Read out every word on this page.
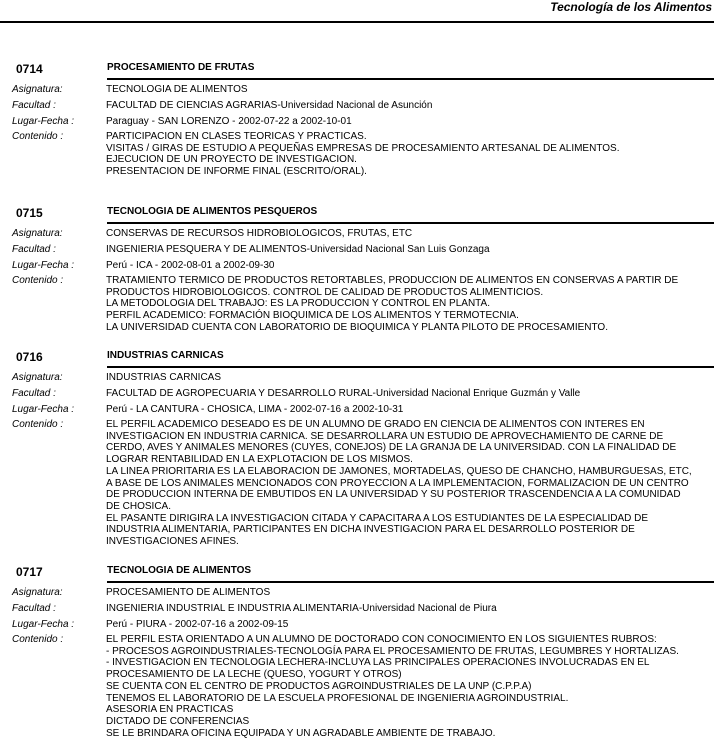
Tecnología de los Alimentos
0714	PROCESAMIENTO DE FRUTAS
Asignatura:	TECNOLOGIA DE ALIMENTOS
Facultad :	FACULTAD DE CIENCIAS AGRARIAS-Universidad Nacional de Asunción
Lugar-Fecha :	Paraguay - SAN LORENZO - 2002-07-22 a 2002-10-01
Contenido :	PARTICIPACION EN CLASES TEORICAS Y PRACTICAS.
VISITAS / GIRAS DE ESTUDIO A PEQUEÑAS EMPRESAS DE PROCESAMIENTO ARTESANAL DE ALIMENTOS.
EJECUCION DE UN PROYECTO DE INVESTIGACION.
PRESENTACION DE INFORME FINAL (ESCRITO/ORAL).
0715	TECNOLOGIA DE ALIMENTOS PESQUEROS
Asignatura:	CONSERVAS DE RECURSOS HIDROBIOLOGICOS, FRUTAS, ETC
Facultad :	INGENIERIA PESQUERA Y DE ALIMENTOS-Universidad Nacional San Luis Gonzaga
Lugar-Fecha :	Perú - ICA - 2002-08-01 a 2002-09-30
Contenido :	TRATAMIENTO TERMICO DE PRODUCTOS RETORTABLES, PRODUCCION DE ALIMENTOS EN CONSERVAS A PARTIR DE
PRODUCTOS HIDROBIOLOGICOS. CONTROL DE CALIDAD DE PRODUCTOS ALIMENTICIOS.
LA METODOLOGIA DEL TRABAJO: ES LA PRODUCCION Y CONTROL EN PLANTA.
PERFIL ACADEMICO: FORMACIÓN BIOQUIMICA DE LOS ALIMENTOS Y TERMOTECNIA.
LA UNIVERSIDAD CUENTA CON LABORATORIO DE BIOQUIMICA Y PLANTA PILOTO DE PROCESAMIENTO.
0716	INDUSTRIAS CARNICAS
Asignatura:	INDUSTRIAS CARNICAS
Facultad :	FACULTAD DE AGROPECUARIA Y DESARROLLO RURAL-Universidad Nacional Enrique Guzmán y Valle
Lugar-Fecha :	Perú - LA CANTURA - CHOSICA, LIMA - 2002-07-16 a 2002-10-31
Contenido :	EL PERFIL ACADEMICO DESEADO ES DE UN ALUMNO DE GRADO EN CIENCIA DE ALIMENTOS CON INTERES EN
INVESTIGACION EN INDUSTRIA CARNICA. SE DESARROLLARA UN ESTUDIO DE APROVECHAMIENTO DE CARNE DE
CERDO, AVES Y ANIMALES MENORES (CUYES, CONEJOS) DE LA GRANJA DE LA UNIVERSIDAD. CON LA FINALIDAD DE
LOGRAR RENTABILIDAD EN LA EXPLOTACION DE LOS MISMOS.
LA LINEA PRIORITARIA ES LA ELABORACION DE JAMONES, MORTADELAS, QUESO DE CHANCHO, HAMBURGUESAS, ETC,
A BASE DE LOS ANIMALES MENCIONADOS CON PROYECCION A LA IMPLEMENTACION, FORMALIZACION DE UN CENTRO
DE PRODUCCION INTERNA DE EMBUTIDOS EN LA UNIVERSIDAD Y SU POSTERIOR TRASCENDENCIA A LA COMUNIDAD
DE CHOSICA.
EL PASANTE DIRIGIRA LA INVESTIGACION CITADA Y CAPACITARA A LOS ESTUDIANTES DE LA ESPECIALIDAD DE
INDUSTRIA ALIMENTARIA, PARTICIPANTES EN DICHA INVESTIGACION PARA EL DESARROLLO POSTERIOR DE
INVESTIGACIONES AFINES.
0717	TECNOLOGIA DE ALIMENTOS
Asignatura:	PROCESAMIENTO DE ALIMENTOS
Facultad :	INGENIERIA INDUSTRIAL E INDUSTRIA ALIMENTARIA-Universidad Nacional de Piura
Lugar-Fecha :	Perú - PIURA - 2002-07-16 a 2002-09-15
Contenido :	EL PERFIL ESTA ORIENTADO A UN ALUMNO DE DOCTORADO CON CONOCIMIENTO EN LOS SIGUIENTES RUBROS:
- PROCESOS AGROINDUSTRIALES-TECNOLOGÍA PARA EL PROCESAMIENTO DE FRUTAS, LEGUMBRES Y HORTALIZAS.
- INVESTIGACION EN TECNOLOGIA LECHERA-INCLUYA LAS PRINCIPALES OPERACIONES INVOLUCRADAS EN EL
PROCESAMIENTO DE LA LECHE (QUESO, YOGURT Y OTROS)
SE CUENTA CON EL CENTRO DE PRODUCTOS AGROINDUSTRIALES DE LA UNP (C.P.P.A)
TENEMOS EL LABORATORIO DE LA ESCUELA PROFESIONAL DE INGENIERIA AGROINDUSTRIAL.
ASESORIA EN PRACTICAS
DICTADO DE CONFERENCIAS
SE LE BRINDARA OFICINA EQUIPADA Y UN AGRADABLE AMBIENTE DE TRABAJO.
